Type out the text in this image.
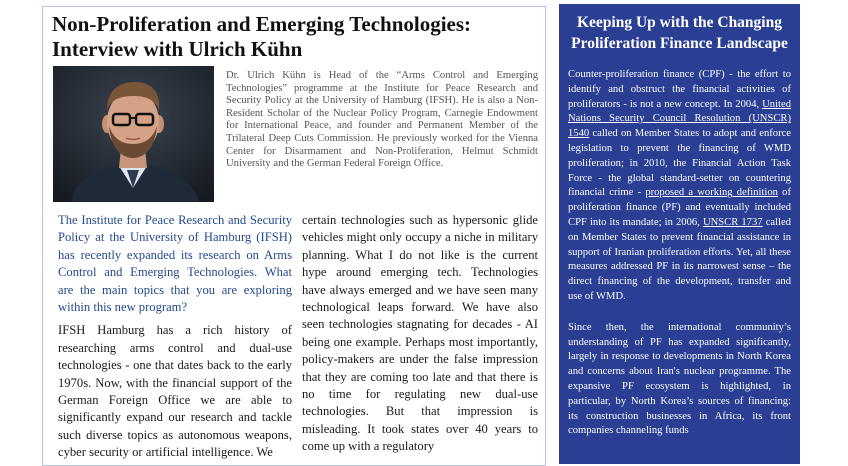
Non-Proliferation and Emerging Technologies:
Interview with Ulrich Kühn

Dr. Ulrich Kühn is Head of the “Arms Control and Emerging Technologies” programme at the Institute for Peace Research and Security Policy at the University of Hamburg (IFSH). He is also a Non-Resident Scholar of the Nuclear Policy Program, Carnegie Endowment for International Peace, and founder and Permanent Member of the Trilateral Deep Cuts Commission. He previously worked for the Vienna Center for Disarmament and Non-Proliferation, Helmut Schmidt University and the German Federal Foreign Office.

The Institute for Peace Research and Security Policy at the University of Hamburg (IFSH) has recently expanded its research on Arms Control and Emerging Technologies. What are the main topics that you are exploring within this new program?

IFSH Hamburg has a rich history of researching arms control and dual-use technologies - one that dates back to the early 1970s. Now, with the financial support of the German Foreign Office we are able to significantly expand our research and tackle such diverse topics as autonomous weapons, cyber security or artificial intelligence. We

certain technologies such as hypersonic glide vehicles might only occupy a niche in military planning. What I do not like is the current hype around emerging tech. Technologies have always emerged and we have seen many technological leaps forward. We have also seen technologies stagnating for decades - AI being one example. Perhaps most importantly, policy-makers are under the false impression that they are coming too late and that there is no time for regulating new dual-use technologies. But that impression is misleading. It took states over 40 years to come up with a regulatory

Keeping Up with the Changing
Proliferation Finance Landscape

Counter-proliferation finance (CPF) - the effort to identify and obstruct the financial activities of proliferators - is not a new concept. In 2004, United Nations Security Council Resolution (UNSCR) 1540 called on Member States to adopt and enforce legislation to prevent the financing of WMD proliferation; in 2010, the Financial Action Task Force - the global standard-setter on countering financial crime - proposed a working definition of proliferation finance (PF) and eventually included CPF into its mandate; in 2006, UNSCR 1737 called on Member States to prevent financial assistance in support of Iranian proliferation efforts. Yet, all these measures addressed PF in its narrowest sense – the direct financing of the development, transfer and use of WMD.

Since then, the international community’s understanding of PF has expanded significantly, largely in response to developments in North Korea and concerns about Iran's nuclear programme. The expansive PF ecosystem is highlighted, in particular, by North Korea’s sources of financing: its construction businesses in Africa, its front companies channeling funds
